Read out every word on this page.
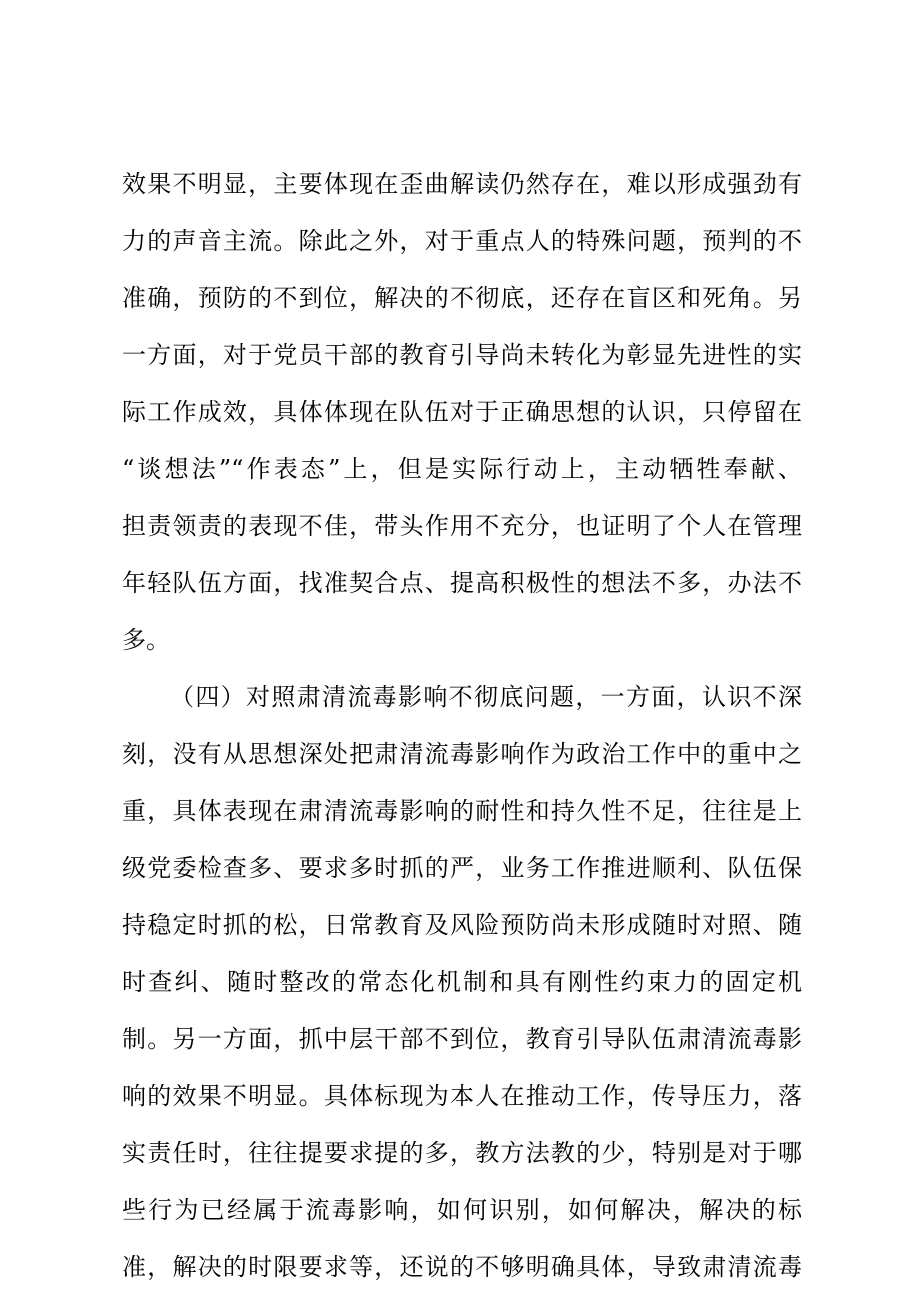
效果不明显，主要体现在歪曲解读仍然存在，难以形成强劲有
力的声音主流。除此之外，对于重点人的特殊问题，预判的不
准确，预防的不到位，解决的不彻底，还存在盲区和死角。另
一方面，对于党员干部的教育引导尚未转化为彰显先进性的实
际工作成效，具体体现在队伍对于正确思想的认识，只停留在
“谈想法”“作表态”上，但是实际行动上，主动牺牲奉献、
担责领责的表现不佳，带头作用不充分，也证明了个人在管理
年轻队伍方面，找准契合点、提高积极性的想法不多，办法不
多。
（四）对照肃清流毒影响不彻底问题，一方面，认识不深
刻，没有从思想深处把肃清流毒影响作为政治工作中的重中之
重，具体表现在肃清流毒影响的耐性和持久性不足，往往是上
级党委检查多、要求多时抓的严，业务工作推进顺利、队伍保
持稳定时抓的松，日常教育及风险预防尚未形成随时对照、随
时查纠、随时整改的常态化机制和具有刚性约束力的固定机
制。另一方面，抓中层干部不到位，教育引导队伍肃清流毒影
响的效果不明显。具体标现为本人在推动工作，传导压力，落
实责任时，往往提要求提的多，教方法教的少，特别是对于哪
些行为已经属于流毒影响，如何识别，如何解决，解决的标
准，解决的时限要求等，还说的不够明确具体，导致肃清流毒
